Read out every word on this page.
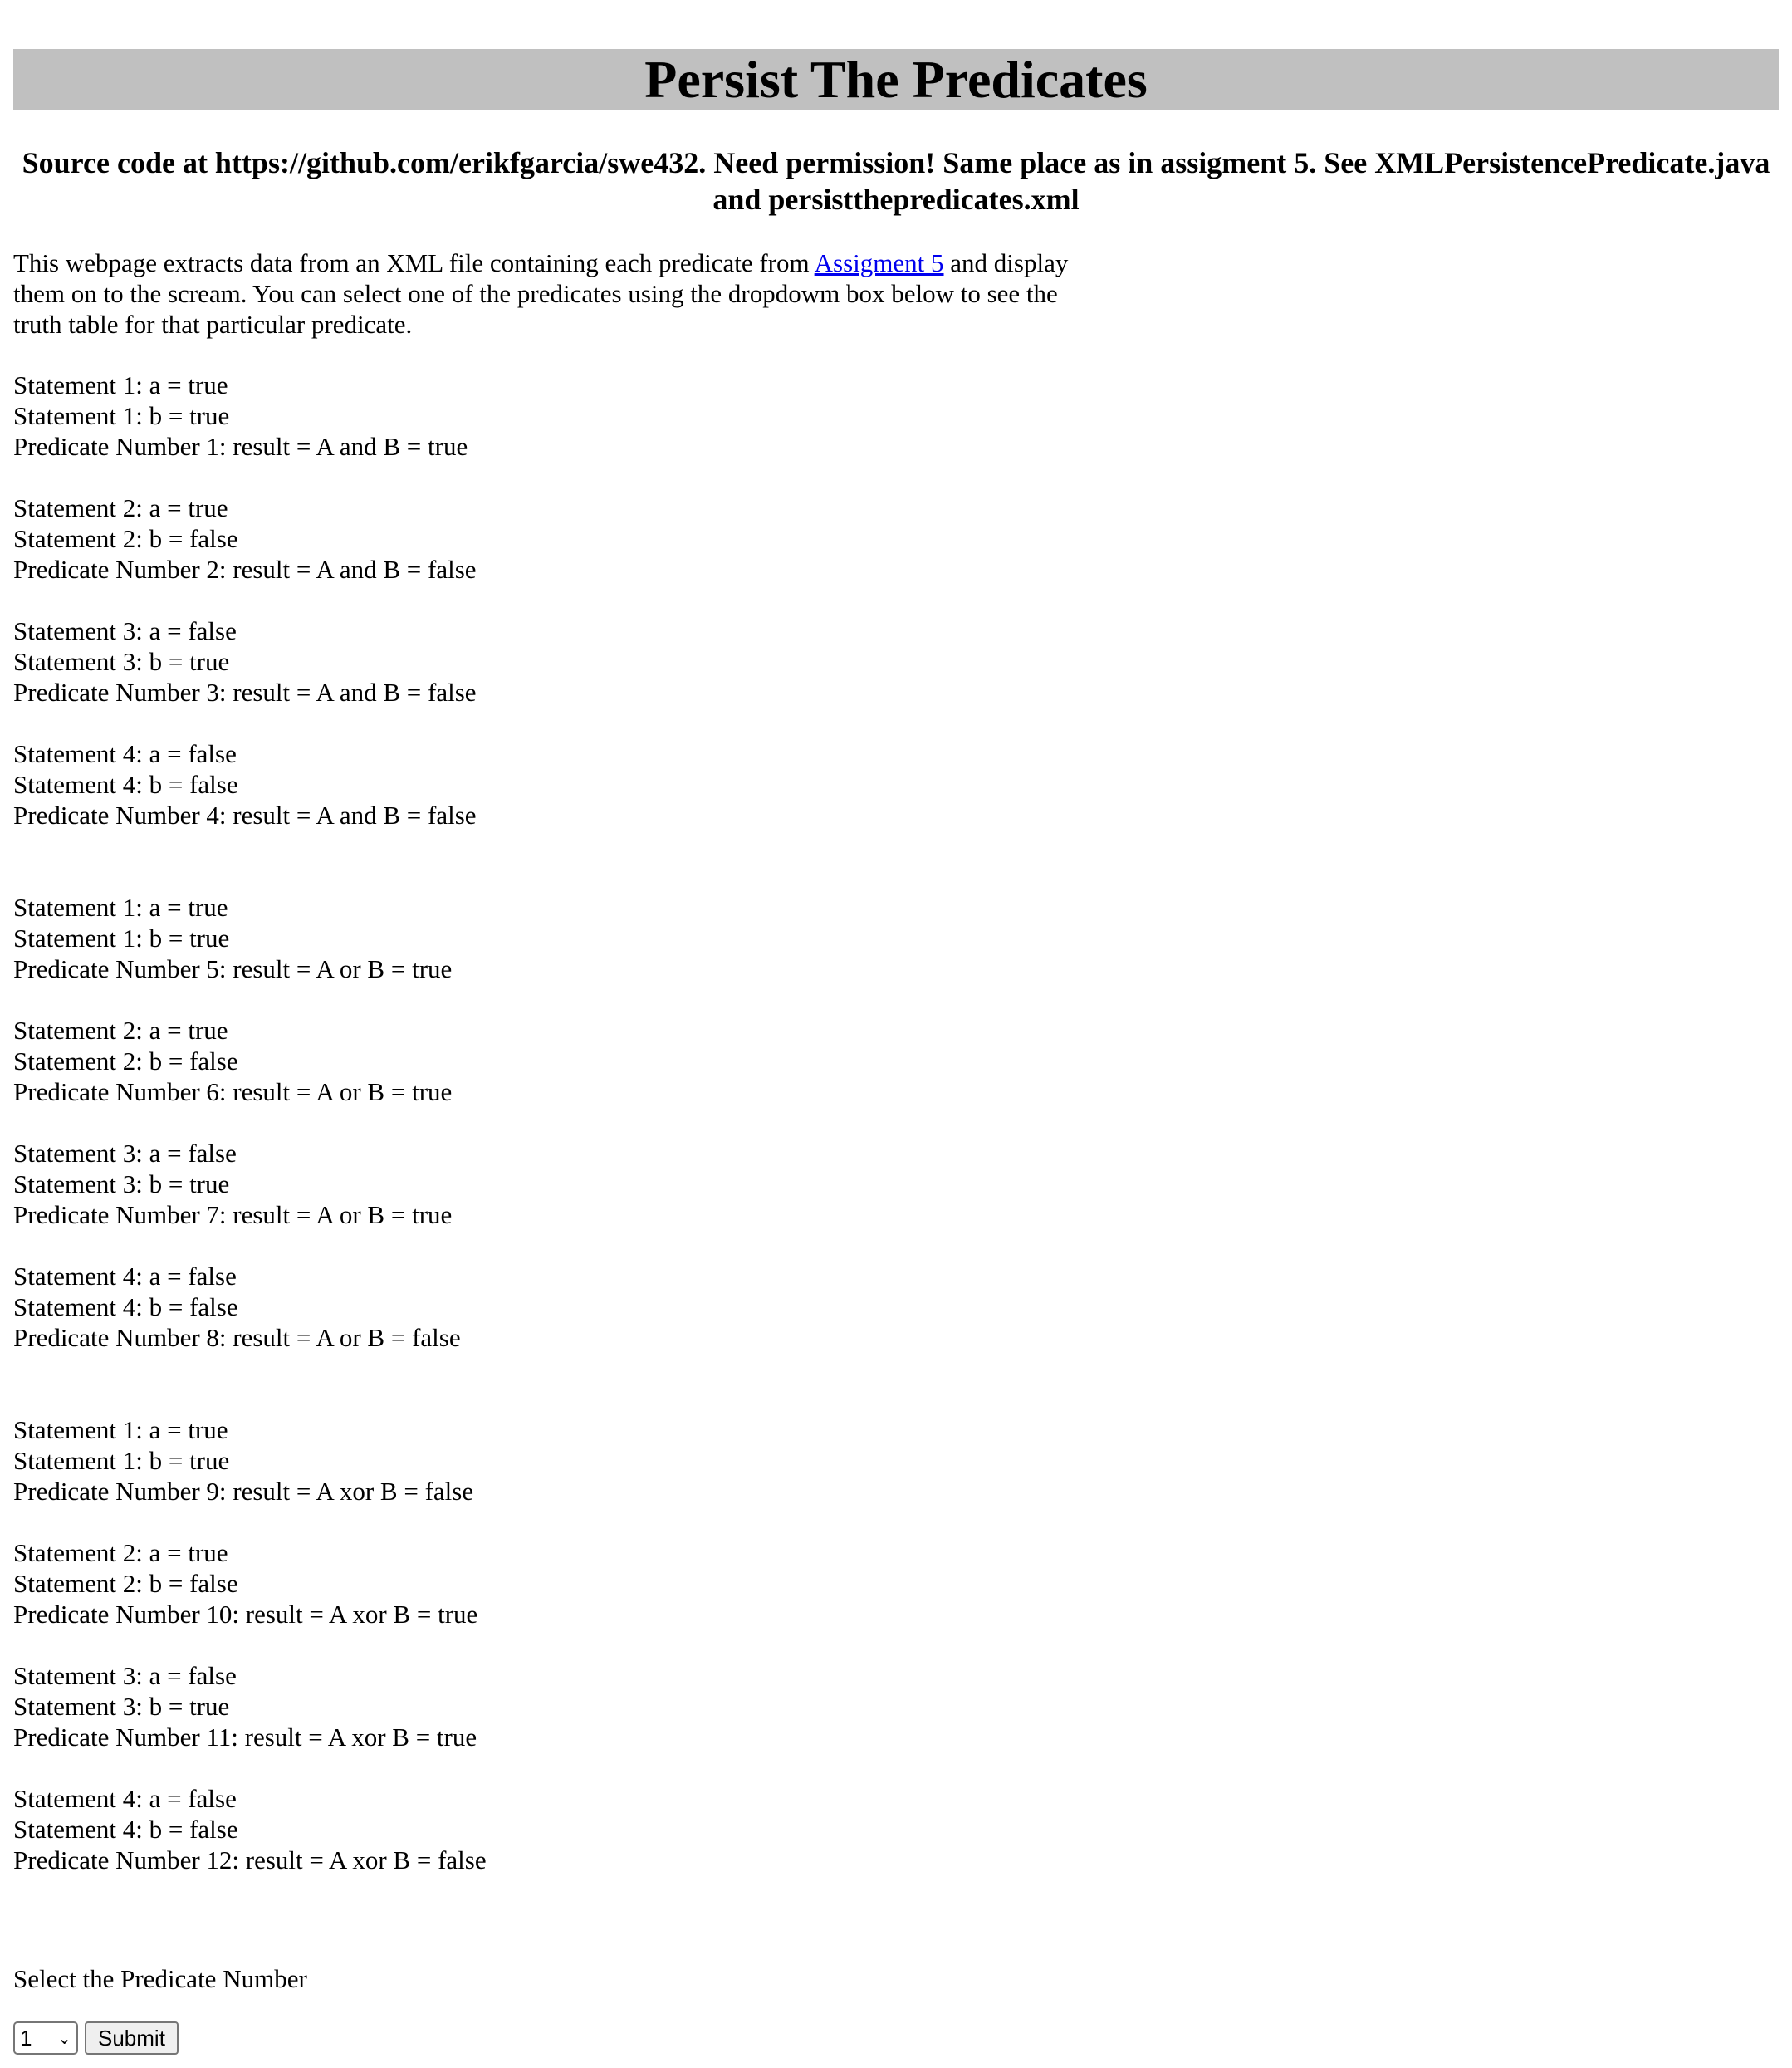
Persist The Predicates

Source code at https://github.com/erikfgarcia/swe432. Need permission! Same place as in assigment 5. See XMLPersistencePredicate.java and persistthepredicates.xml

This webpage extracts data from an XML file containing each predicate from Assigment 5 and display them on to the scream. You can select one of the predicates using the dropdowm box below to see the truth table for that particular predicate.

Statement 1: a = true
Statement 1: b = true
Predicate Number 1: result = A and B = true
Statement 2: a = true
Statement 2: b = false
Predicate Number 2: result = A and B = false
Statement 3: a = false
Statement 3: b = true
Predicate Number 3: result = A and B = false
Statement 4: a = false
Statement 4: b = false
Predicate Number 4: result = A and B = false
Statement 1: a = true
Statement 1: b = true
Predicate Number 5: result = A or B = true
Statement 2: a = true
Statement 2: b = false
Predicate Number 6: result = A or B = true
Statement 3: a = false
Statement 3: b = true
Predicate Number 7: result = A or B = true
Statement 4: a = false
Statement 4: b = false
Predicate Number 8: result = A or B = false
Statement 1: a = true
Statement 1: b = true
Predicate Number 9: result = A xor B = false
Statement 2: a = true
Statement 2: b = false
Predicate Number 10: result = A xor B = true
Statement 3: a = false
Statement 3: b = true
Predicate Number 11: result = A xor B = true
Statement 4: a = false
Statement 4: b = false
Predicate Number 12: result = A xor B = false
Select the Predicate Number
1 ⌄	Submit
